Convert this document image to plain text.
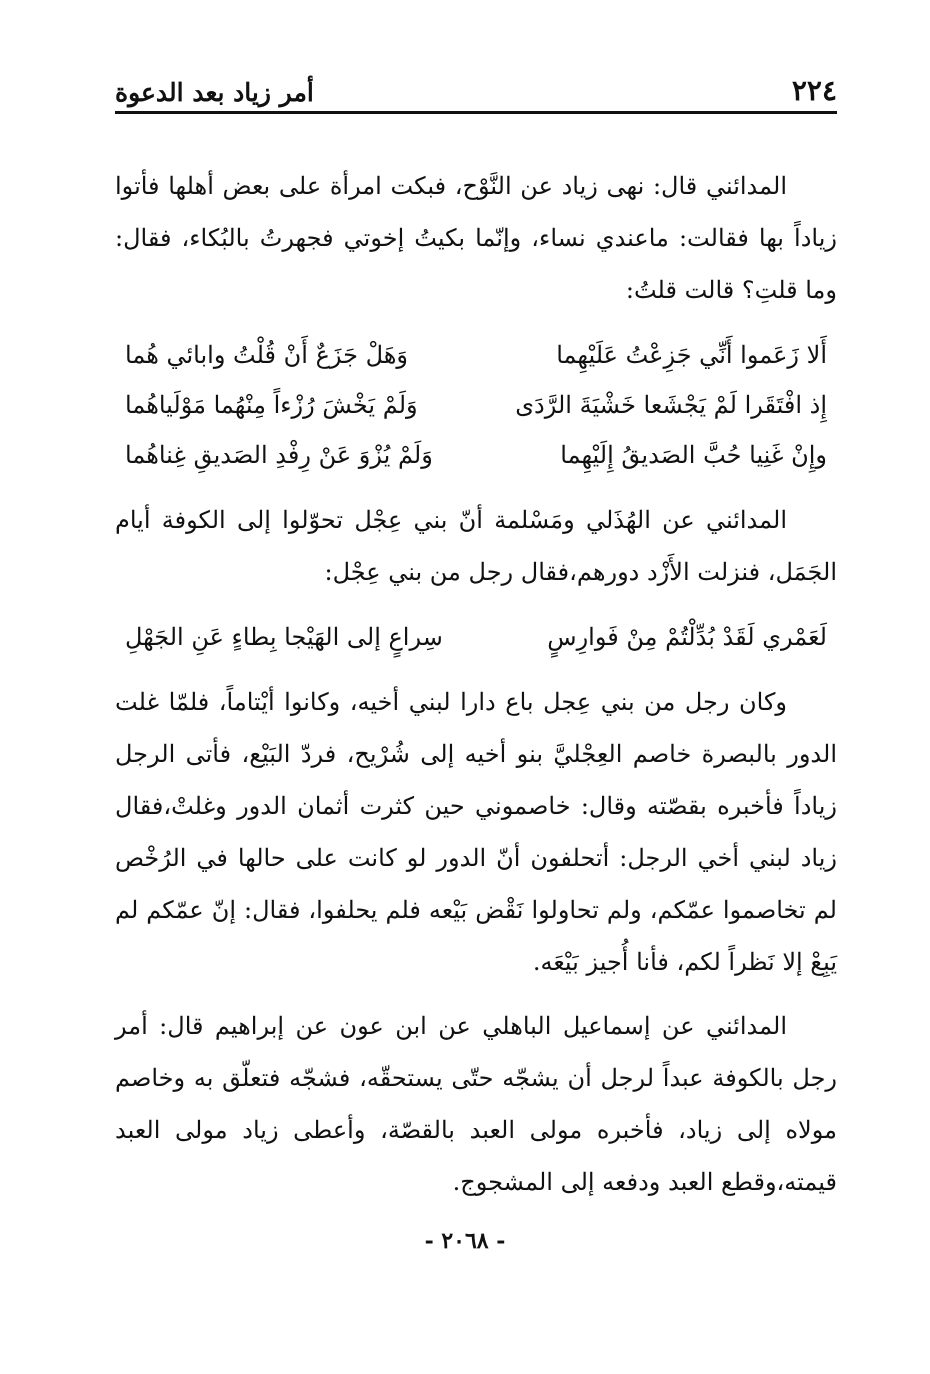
٢٢٤
أمر زياد بعد الدعوة

المدائني قال: نهى زياد عن النَّوْح، فبكت امرأة على بعض أهلها فأتوا زياداً بها فقالت: ماعندي نساء، وإنّما بكيتُ إخوتي فجهرتُ بالبُكاء، فقال: وما قلتِ؟ قالت قلتُ:

أَلا زَعَموا أَنِّي جَزِعْتُ عَلَيْهِما
وَهَلْ جَزَعٌ أَنْ قُلْتُ وابائي هُما
إِذ افْتَقَرا لَمْ يَجْشَعا خَشْيَةَ الرَّدَى
وَلَمْ يَخْشَ رُزْءاً مِنْهُما مَوْلَياهُما
وإِنْ غَنِيا حُبَّ الصَديقُ إِلَيْهِما
وَلَمْ يُزْوَ عَنْ رِفْدِ الصَديقِ غِناهُما

المدائني عن الهُذَلي ومَسْلمة أنّ بني عِجْل تحوّلوا إلى الكوفة أيام الجَمَل، فنزلت الأَزْد دورهم،فقال رجل من بني عِجْل:

لَعَمْري لَقَدْ بُدِّلْتُمْ مِنْ فَوارِسٍ
سِراعٍ إلى الهَيْجا بِطاءٍ عَنِ الجَهْلِ

وكان رجل من بني عِجل باع دارا لبني أخيه، وكانوا أيْتاماً، فلمّا غلت الدور بالبصرة خاصم العِجْليَّ بنو أخيه إلى شُرْيح، فردّ البَيْع، فأتى الرجل زياداً فأخبره بقصّته وقال: خاصموني حين كثرت أثمان الدور وغلتْ،فقال زياد لبني أخي الرجل: أتحلفون أنّ الدور لو كانت على حالها في الرُخْص لم تخاصموا عمّكم، ولم تحاولوا نَقْض بَيْعه فلم يحلفوا، فقال: إنّ عمّكم لم يَبِعْ إلا نَظراً لكم، فأنا أُجيز بَيْعَه.

المدائني عن إسماعيل الباهلي عن ابن عون عن إبراهيم قال: أمر رجل بالكوفة عبداً لرجل أن يشجّه حتّى يستحقّه، فشجّه فتعلّق به وخاصم مولاه إلى زياد، فأخبره مولى العبد بالقصّة، وأعطى زياد مولى العبد قيمته،وقطع العبد ودفعه إلى المشجوج.

- ٢٠٦٨ -
